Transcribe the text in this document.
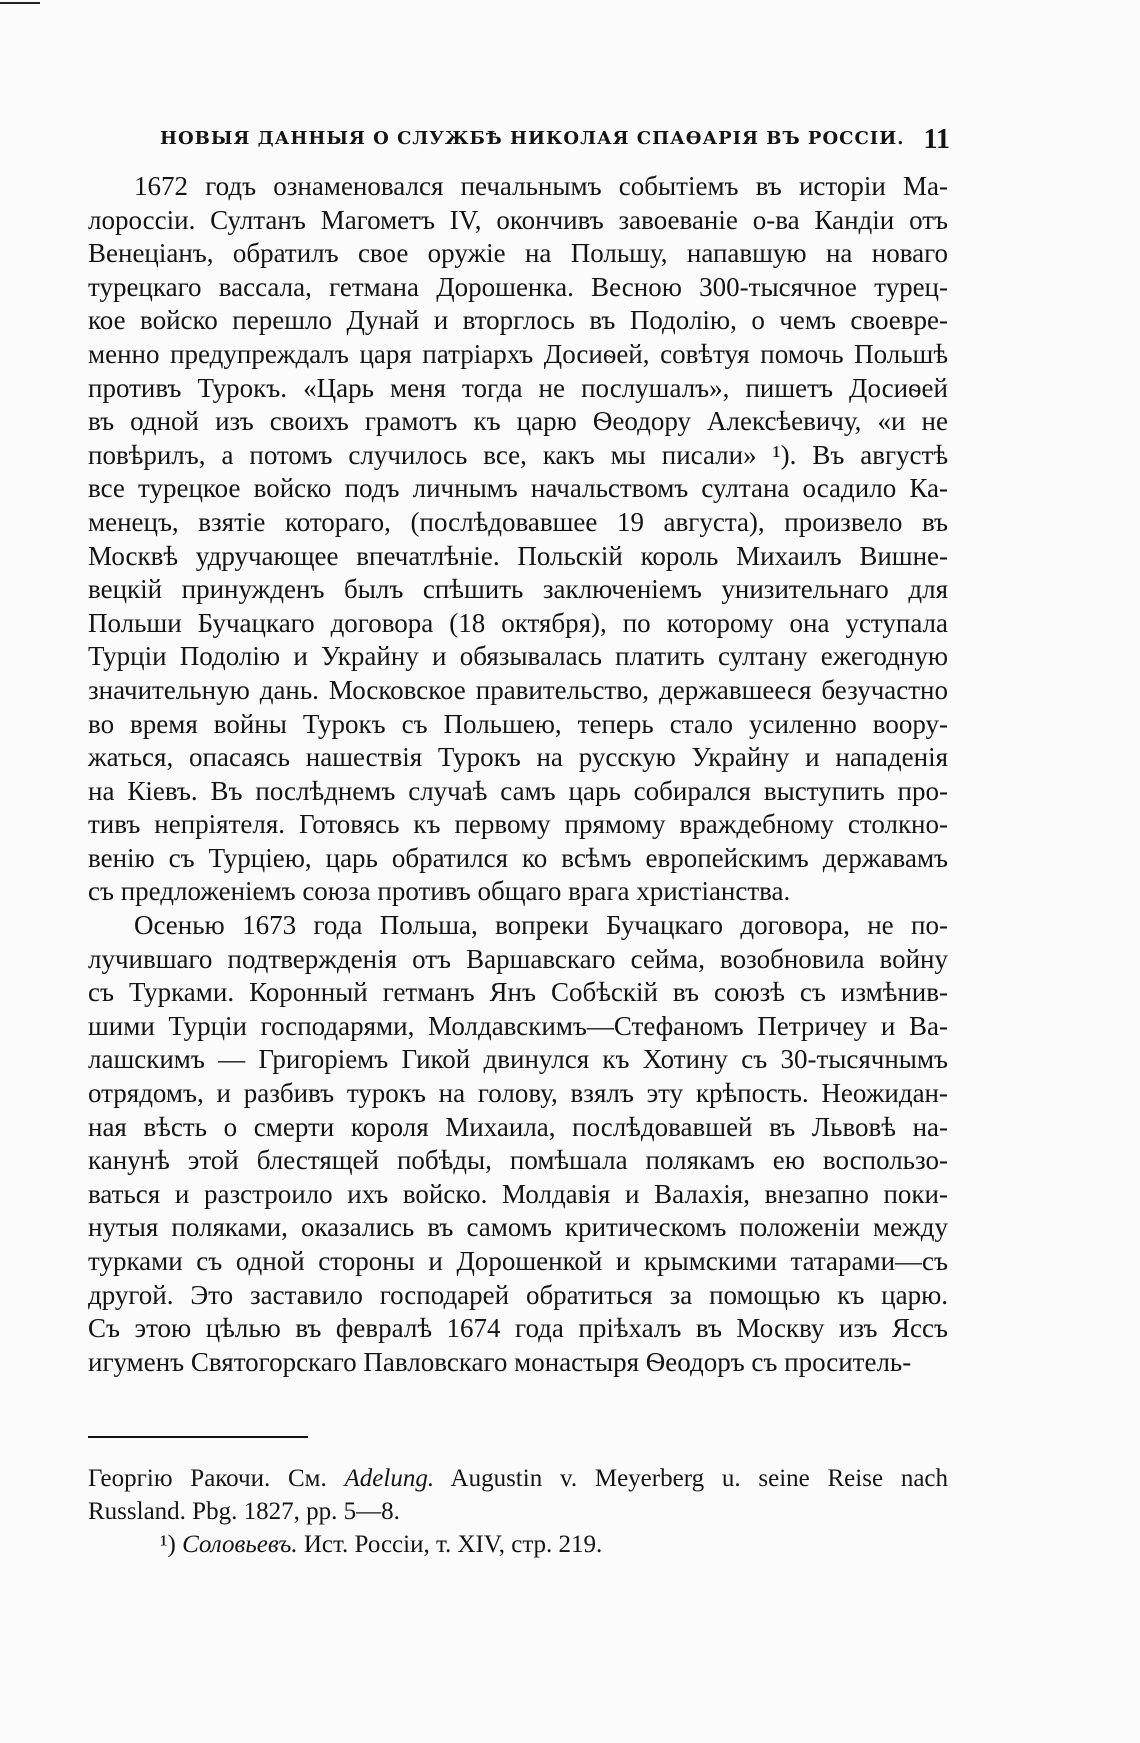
НОВЫЯ ДАННЫЯ О СЛУЖБѢ НИКОЛАЯ СПАѲАРІЯ ВЪ РОССІИ. 11
1672 годъ ознаменовался печальнымъ событіемъ въ исторіи Ма-
лороссіи. Султанъ Магометъ IV, окончивъ завоеваніе о-ва Кандіи отъ
Венеціанъ, обратилъ свое оружіе на Польшу, напавшую на новаго
турецкаго вассала, гетмана Дорошенка. Весною 300-тысячное турец-
кое войско перешло Дунай и вторглось въ Подолію, о чемъ своевре-
менно предупреждалъ царя патріархъ Досиѳей, совѣтуя помочь Польшѣ
противъ Турокъ. «Царь меня тогда не послушалъ», пишетъ Досиѳей
въ одной изъ своихъ грамотъ къ царю Ѳеодору Алексѣевичу, «и не
повѣрилъ, а потомъ случилось все, какъ мы писали» ¹). Въ августѣ
все турецкое войско подъ личнымъ начальствомъ султана осадило Ка-
менецъ, взятіе котораго, (послѣдовавшее 19 августа), произвело въ
Москвѣ удручающее впечатлѣніе. Польскій король Михаилъ Вишне-
вецкій принужденъ былъ спѣшить заключеніемъ унизительнаго для
Польши Бучацкаго договора (18 октября), по которому она уступала
Турціи Подолію и Украйну и обязывалась платить султану ежегодную
значительную дань. Московское правительство, державшееся безучастно
во время войны Турокъ съ Польшею, теперь стало усиленно воору-
жаться, опасаясь нашествія Турокъ на русскую Украйну и нападенія
на Кіевъ. Въ послѣднемъ случаѣ самъ царь собирался выступить про-
тивъ непріятеля. Готовясь къ первому прямому враждебному столкно-
венію съ Турціею, царь обратился ко всѣмъ европейскимъ державамъ
съ предложеніемъ союза противъ общаго врага христіанства.
Осенью 1673 года Польша, вопреки Бучацкаго договора, не по-
лучившаго подтвержденія отъ Варшавскаго сейма, возобновила войну
съ Турками. Коронный гетманъ Янъ Собѣскій въ союзѣ съ измѣнив-
шими Турціи господарями, Молдавскимъ—Стефаномъ Петричеу и Ва-
лашскимъ — Григоріемъ Гикой двинулся къ Хотину съ 30-тысячнымъ
отрядомъ, и разбивъ турокъ на голову, взялъ эту крѣпость. Неожидан-
ная вѣсть о смерти короля Михаила, послѣдовавшей въ Львовѣ на-
канунѣ этой блестящей побѣды, помѣшала полякамъ ею воспользо-
ваться и разстроило ихъ войско. Молдавія и Валахія, внезапно поки-
нутыя поляками, оказались въ самомъ критическомъ положеніи между
турками съ одной стороны и Дорошенкой и крымскими татарами—съ
другой. Это заставило господарей обратиться за помощью къ царю.
Съ этою цѣлью въ февралѣ 1674 года пріѣхалъ въ Москву изъ Яссъ
игуменъ Святогорскаго Павловскаго монастыря Ѳеодоръ съ проситель-
Георгію Ракочи. См. Adelung. Augustin v. Meyerberg u. seine Reise nach
Russland. Pbg. 1827, pp. 5—8.
¹) Соловьевъ. Ист. Россіи, т. XIV, стр. 219.
